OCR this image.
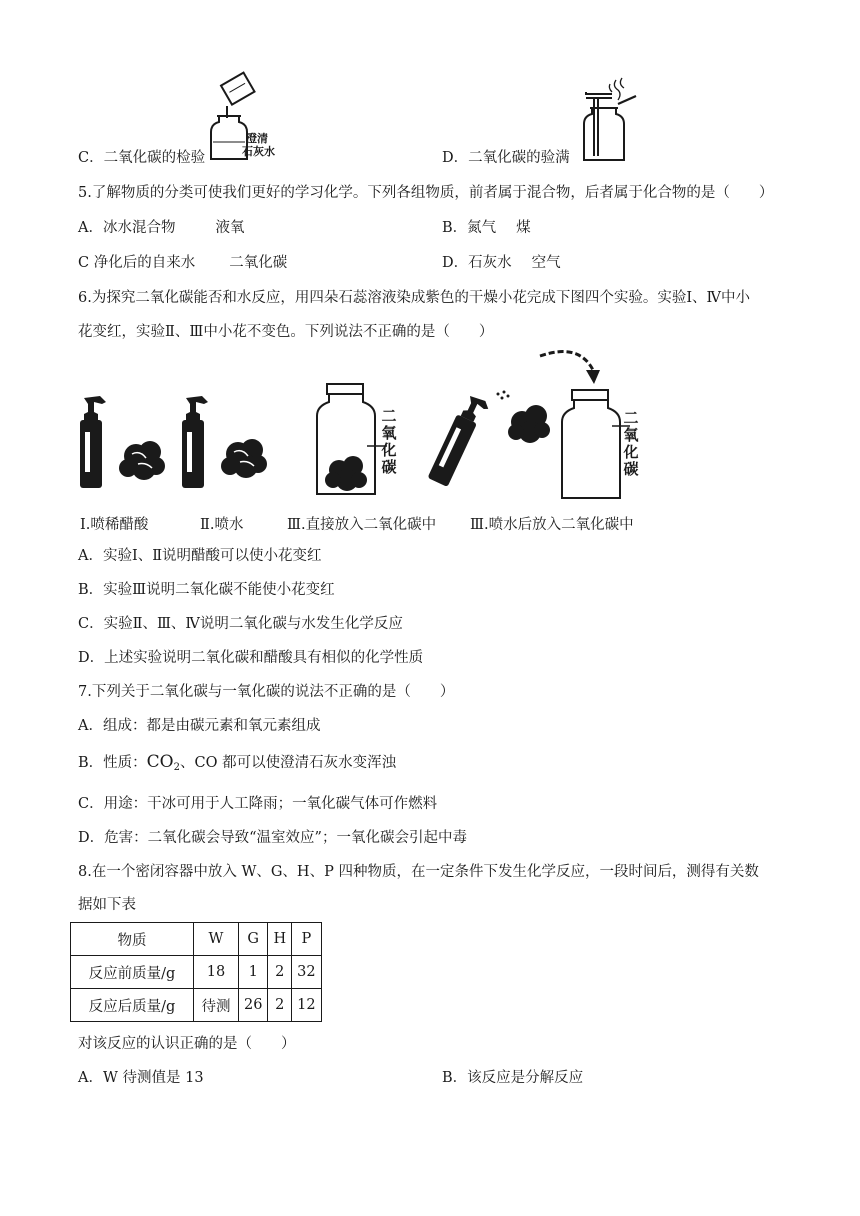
澄清
石灰水
C．二氧化碳的检验	D．二氧化碳的验满
5.了解物质的分类可使我们更好的学习化学。下列各组物质，前者属于混合物，后者属于化合物的是（　　）
A．冰水混合物	液氧	B．氮气 煤
C 净化后的自来水 二氧化碳	D．石灰水 空气
6.为探究二氧化碳能否和水反应，用四朵石蕊溶液染成紫色的干燥小花完成下图四个实验。实验Ⅰ、Ⅳ中小
花变红，实验Ⅱ、Ⅲ中小花不变色。下列说法不正确的是（　　）
二氧化碳
二氧化碳
Ⅰ.喷稀醋酸	Ⅱ.喷水	Ⅲ.直接放入二氧化碳中 Ⅲ.喷水后放入二氧化碳中
A．实验Ⅰ、Ⅱ说明醋酸可以使小花变红
B．实验Ⅲ说明二氧化碳不能使小花变红
C．实验Ⅱ、Ⅲ、Ⅳ说明二氧化碳与水发生化学反应
D．上述实验说明二氧化碳和醋酸具有相似的化学性质
7.下列关于二氧化碳与一氧化碳的说法不正确的是（　　）
A．组成：都是由碳元素和氧元素组成
B．性质：$CO_2$、CO 都可以使澄清石灰水变浑浊
C．用途：干冰可用于人工降雨；一氧化碳气体可作燃料
D．危害：二氧化碳会导致“温室效应”；一氧化碳会引起中毒
8.在一个密闭容器中放入 W、G、H、P 四种物质，在一定条件下发生化学反应，一段时间后，测得有关数
据如下表
物质	W	G	H	P
反应前质量/g	18	1	2	32
反应后质量/g	待测	26	2	12
对该反应的认识正确的是（　　）
A．W 待测值是 13	B．该反应是分解反应
